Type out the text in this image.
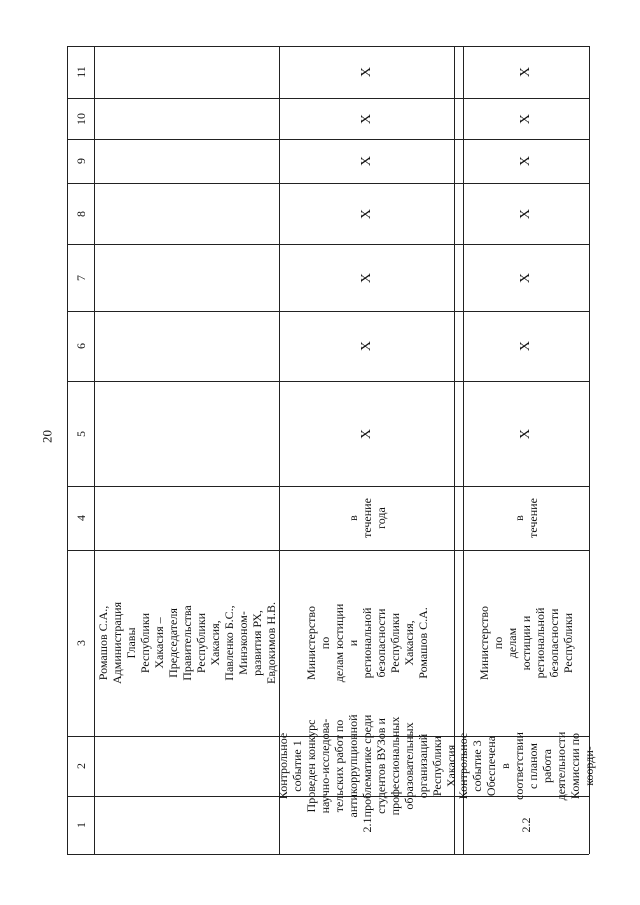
20
1
2
3
4
5
6
7
8
9
10
11
Ромашов С.А.,
Администрация
Главы Республики
Хакасия –
Председателя
Правительства
Республики
Хакасия,
Павленко Б.С.,
Минэконом-
развития РХ,
Евдокимов Н.В.
2.1
Контрольное событие 1
Проведен конкурс
научно-исследова-
тельских работ по
антикоррупционной
проблематике среди
студентов ВУЗов и
профессиональных
образовательных
организаций Республики
Хакасия
Министерство по
делам юстиции и
региональной
безопасности
Республики
Хакасия,
Ромашов С.А.
в
течение
года
Х
Х
Х
Х
Х
Х
Х
2.2
Контрольное событие 3
Обеспечена в
соответствии с планом
работа деятельности
Комиссии по коорди-
Министерство по
делам юстиции и
региональной
безопасности
Республики
в
течение
Х
Х
Х
Х
Х
Х
Х
